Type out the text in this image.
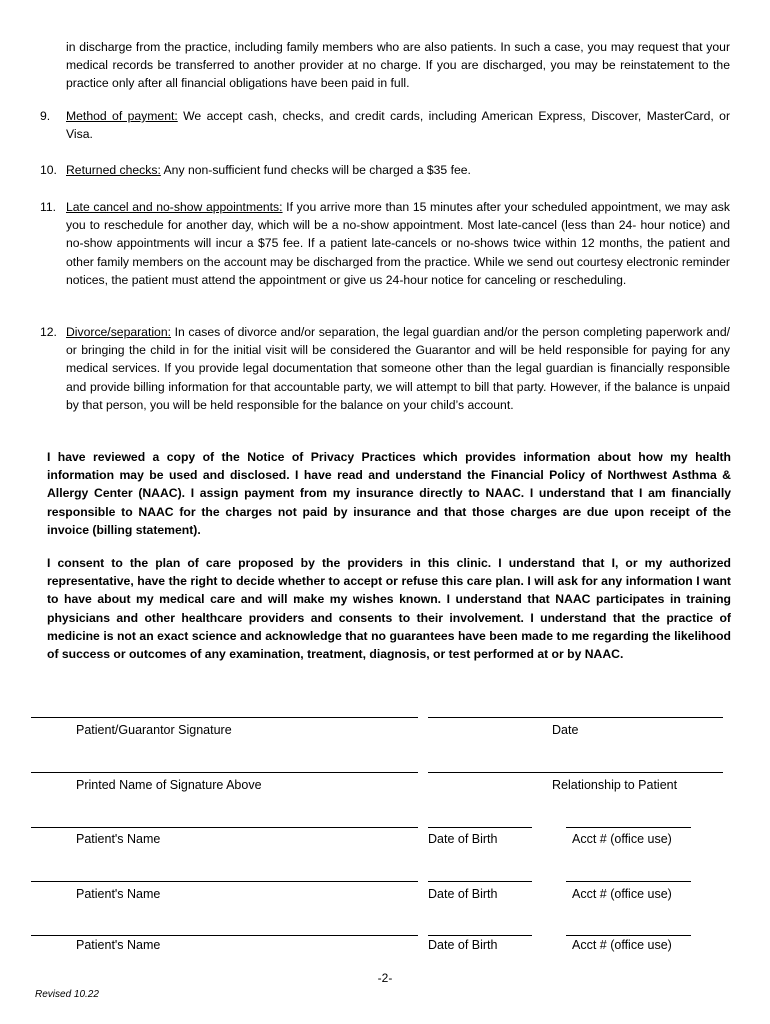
in discharge from the practice, including family members who are also patients. In such a case, you may request that your medical records be transferred to another provider at no charge. If you are discharged, you may be reinstatement to the practice only after all financial obligations have been paid in full.
9. Method of payment: We accept cash, checks, and credit cards, including American Express, Discover, MasterCard, or Visa.
10. Returned checks: Any non-sufficient fund checks will be charged a $35 fee.
11. Late cancel and no-show appointments: If you arrive more than 15 minutes after your scheduled appointment, we may ask you to reschedule for another day, which will be a no-show appointment. Most late-cancel (less than 24- hour notice) and no-show appointments will incur a $75 fee. If a patient late-cancels or no-shows twice within 12 months, the patient and other family members on the account may be discharged from the practice. While we send out courtesy electronic reminder notices, the patient must attend the appointment or give us 24-hour notice for canceling or rescheduling.
12. Divorce/separation: In cases of divorce and/or separation, the legal guardian and/or the person completing paperwork and/ or bringing the child in for the initial visit will be considered the Guarantor and will be held responsible for paying for any medical services. If you provide legal documentation that someone other than the legal guardian is financially responsible and provide billing information for that accountable party, we will attempt to bill that party. However, if the balance is unpaid by that person, you will be held responsible for the balance on your child’s account.
I have reviewed a copy of the Notice of Privacy Practices which provides information about how my health information may be used and disclosed. I have read and understand the Financial Policy of Northwest Asthma & Allergy Center (NAAC). I assign payment from my insurance directly to NAAC. I understand that I am financially responsible to NAAC for the charges not paid by insurance and that those charges are due upon receipt of the invoice (billing statement).
I consent to the plan of care proposed by the providers in this clinic. I understand that I, or my authorized representative, have the right to decide whether to accept or refuse this care plan. I will ask for any information I want to have about my medical care and will make my wishes known. I understand that NAAC participates in training physicians and other healthcare providers and consents to their involvement. I understand that the practice of medicine is not an exact science and acknowledge that no guarantees have been made to me regarding the likelihood of success or outcomes of any examination, treatment, diagnosis, or test performed at or by NAAC.
Patient/Guarantor Signature	Date
Printed Name of Signature Above	Relationship to Patient
Patient's Name	Date of Birth	Acct # (office use)
Patient's Name	Date of Birth	Acct # (office use)
Patient's Name	Date of Birth	Acct # (office use)
-2-
Revised 10.22
